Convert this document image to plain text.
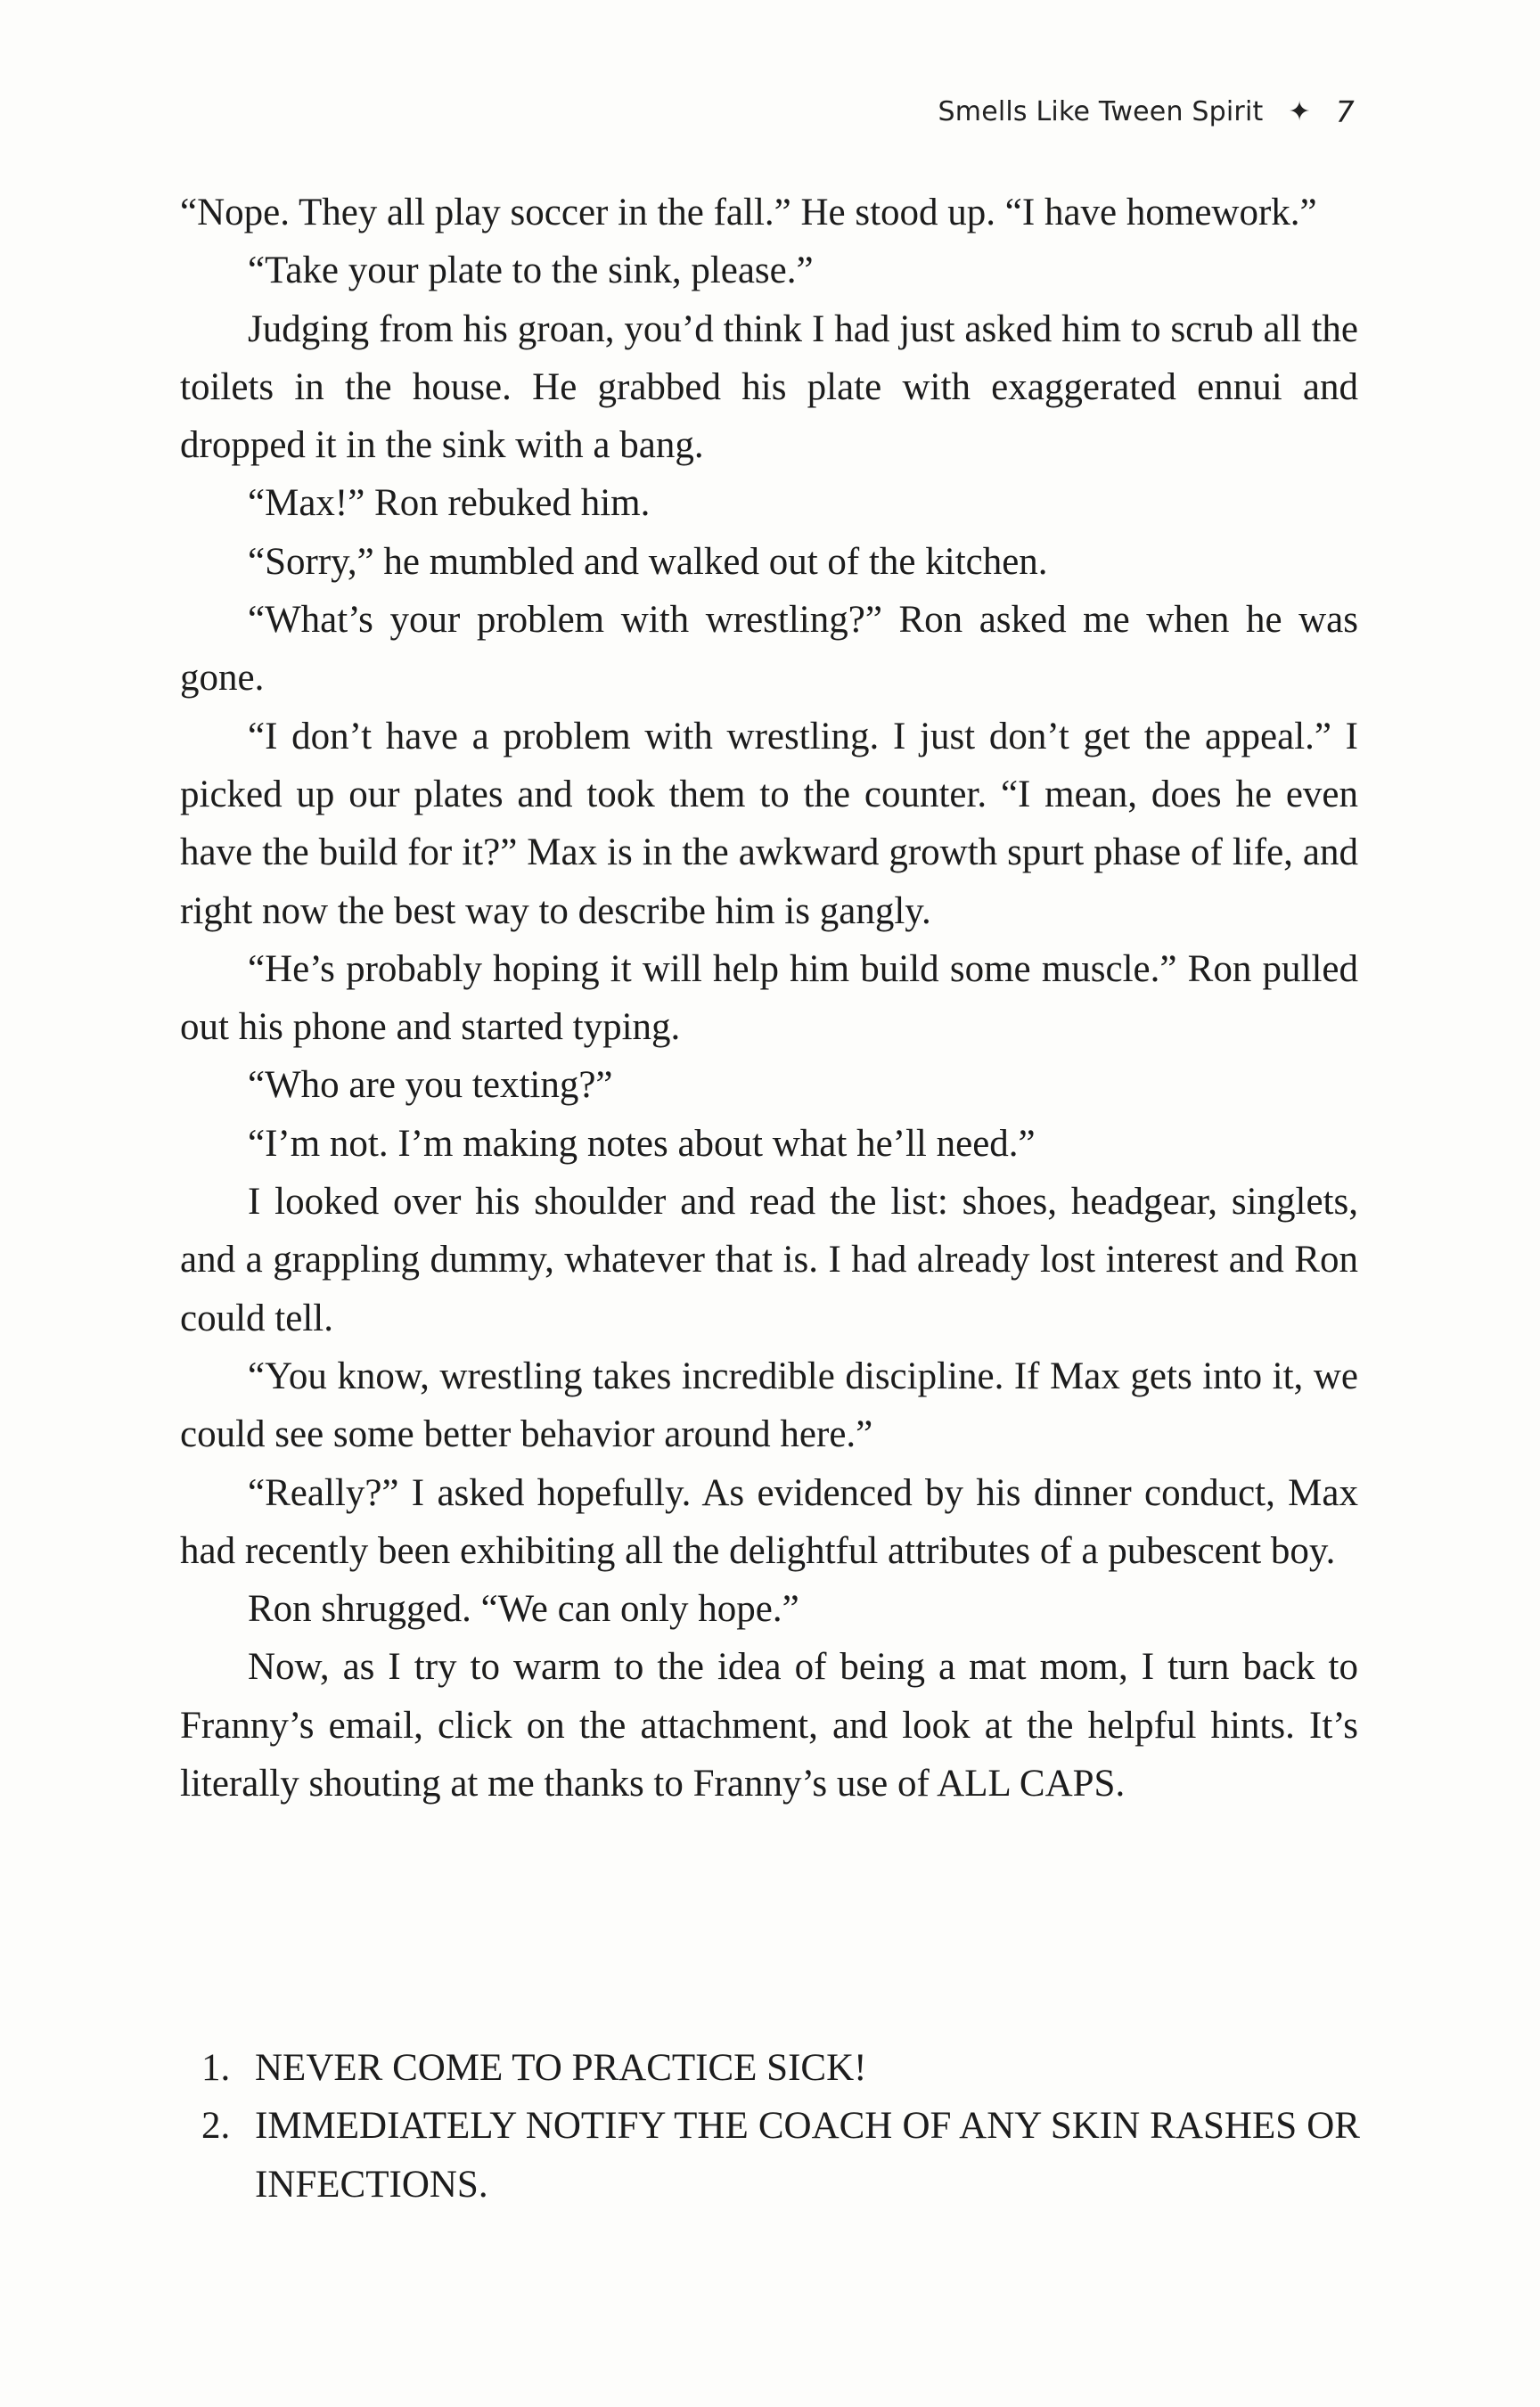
Smells Like Tween Spirit ✦ 7

“Nope. They all play soccer in the fall.” He stood up. “I have homework.”

“Take your plate to the sink, please.”

Judging from his groan, you’d think I had just asked him to scrub all the toilets in the house. He grabbed his plate with exaggerated ennui and dropped it in the sink with a bang.

“Max!” Ron rebuked him.

“Sorry,” he mumbled and walked out of the kitchen.

“What’s your problem with wrestling?” Ron asked me when he was gone.

“I don’t have a problem with wrestling. I just don’t get the appeal.” I picked up our plates and took them to the counter. “I mean, does he even have the build for it?” Max is in the awkward growth spurt phase of life, and right now the best way to describe him is gangly.

“He’s probably hoping it will help him build some muscle.” Ron pulled out his phone and started typing.

“Who are you texting?”

“I’m not. I’m making notes about what he’ll need.”

I looked over his shoulder and read the list: shoes, headgear, singlets, and a grappling dummy, whatever that is. I had already lost interest and Ron could tell.

“You know, wrestling takes incredible discipline. If Max gets into it, we could see some better behavior around here.”

“Really?” I asked hopefully. As evidenced by his dinner conduct, Max had recently been exhibiting all the delightful attributes of a pubescent boy.

Ron shrugged. “We can only hope.”

Now, as I try to warm to the idea of being a mat mom, I turn back to Franny’s email, click on the attachment, and look at the helpful hints. It’s literally shouting at me thanks to Franny’s use of ALL CAPS.

1. NEVER COME TO PRACTICE SICK!
2. IMMEDIATELY NOTIFY THE COACH OF ANY SKIN RASHES OR INFECTIONS.
